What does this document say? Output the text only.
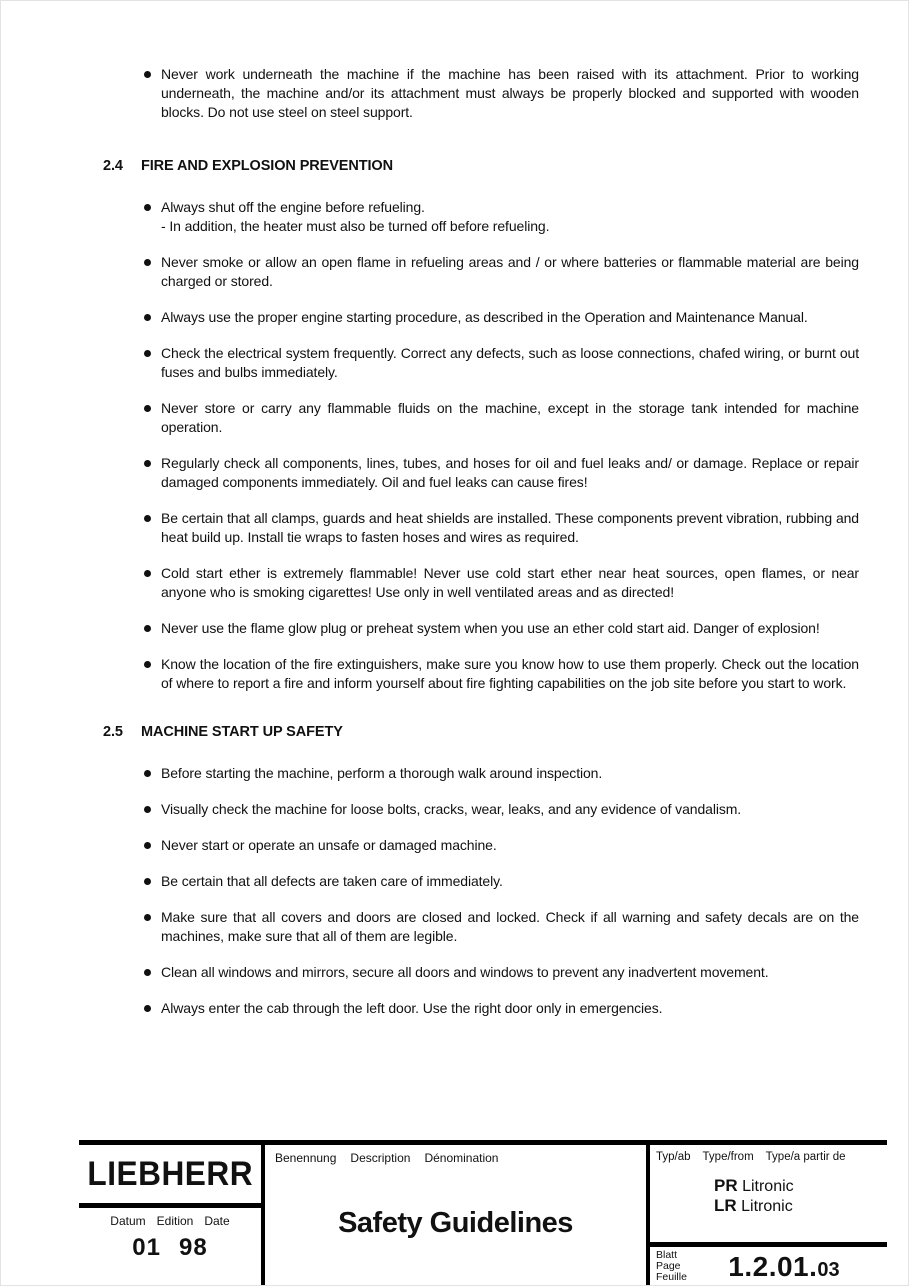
Never work underneath the machine if the machine has been raised with its attachment. Prior to working underneath, the machine and/or its attachment must always be properly blocked and supported with wooden blocks. Do not use steel on steel support.

2.4	FIRE AND EXPLOSION PREVENTION

Always shut off the engine before refueling.

- In addition, the heater must also be turned off before refueling.

Never smoke or allow an open flame in refueling areas and / or where batteries or flammable material are being charged or stored.

Always use the proper engine starting procedure, as described in the Operation and Maintenance Manual.

Check the electrical system frequently. Correct any defects, such as loose connections, chafed wiring, or burnt out fuses and bulbs immediately.

Never store or carry any flammable fluids on the machine, except in the storage tank intended for machine operation.

Regularly check all components, lines, tubes, and hoses for oil and fuel leaks and/ or damage. Replace or repair damaged components immediately. Oil and fuel leaks can cause fires!

Be certain that all clamps, guards and heat shields are installed. These components prevent vibration, rubbing and heat build up. Install tie wraps to fasten hoses and wires as required.

Cold start ether is extremely flammable! Never use cold start ether near heat sources, open flames, or near anyone who is smoking cigarettes! Use only in well ventilated areas and as directed!

Never use the flame glow plug or preheat system when you use an ether cold start aid. Danger of explosion!

Know the location of the fire extinguishers, make sure you know how to use them properly. Check out the location of where to report a fire and inform yourself about fire fighting capabilities on the job site before you start to work.

2.5	MACHINE START UP SAFETY

Before starting the machine, perform a thorough walk around inspection.

Visually check the machine for loose bolts, cracks, wear, leaks, and any evidence of vandalism.

Never start or operate an unsafe or damaged machine.

Be certain that all defects are taken care of immediately.

Make sure that all covers and doors are closed and locked. Check if all warning and safety decals are on the machines, make sure that all of them are legible.

Clean all windows and mirrors, secure all doors and windows to prevent any inadvertent movement.

Always enter the cab through the left door. Use the right door only in emergencies.

LIEBHERR
Datum Edition Date
01 98
Benennung Description Dénomination
Safety Guidelines
Typ/ab Type/from Type/a partir de
PR Litronic
LR Litronic
Blatt
Page
Feuille	1.2.01.03
